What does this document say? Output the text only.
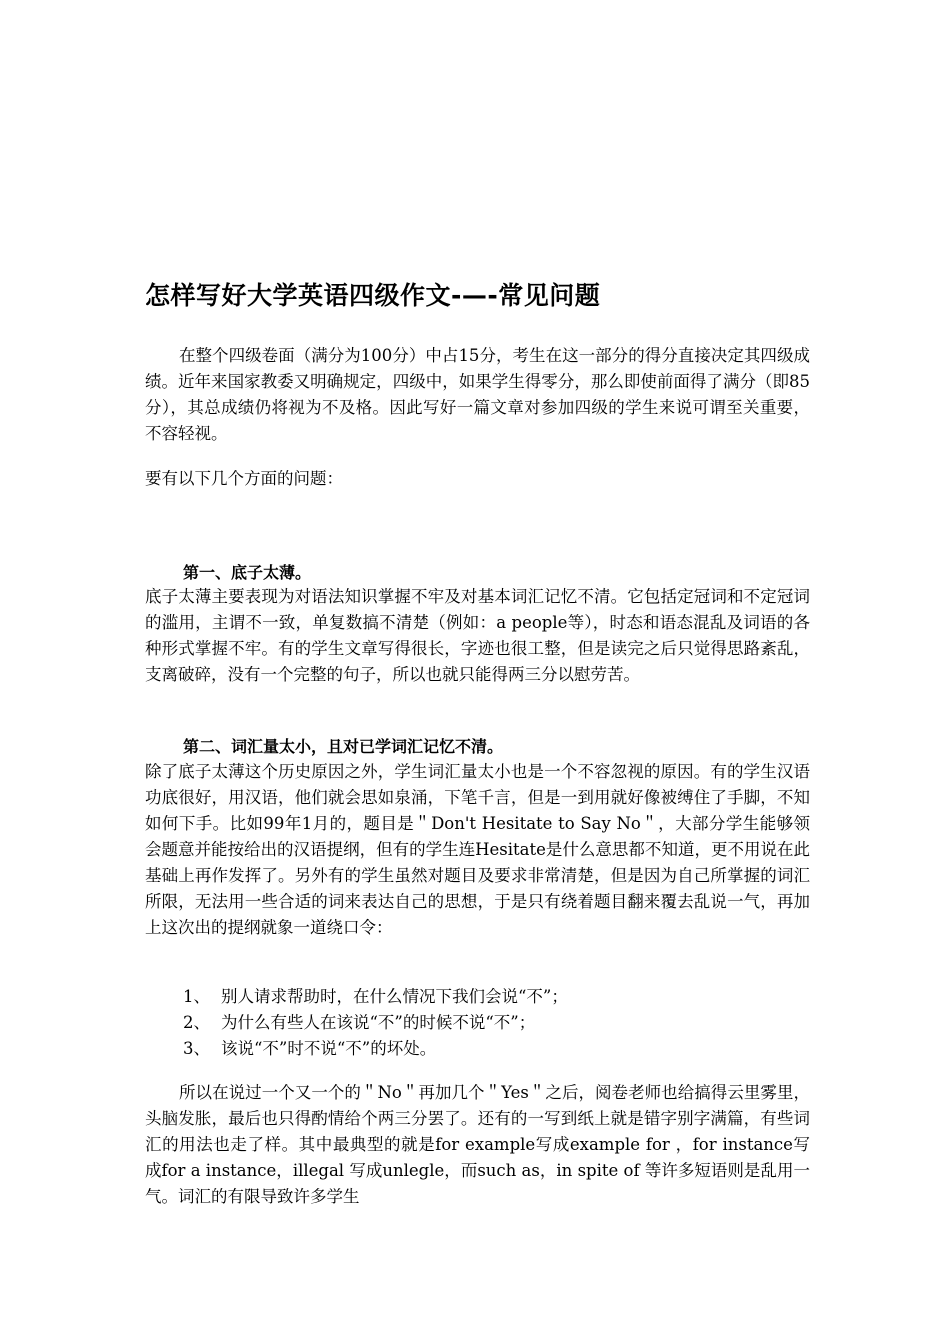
怎样写好大学英语四级作文-—-常见问题
在整个四级卷面（满分为100分）中占15分，考生在这一部分的得分直接决定其四级成绩。近年来国家教委又明确规定，四级中，如果学生得零分，那么即使前面得了满分（即85分），其总成绩仍将视为不及格。因此写好一篇文章对参加四级的学生来说可谓至关重要，不容轻视。
要有以下几个方面的问题：
第一、底子太薄。
底子太薄主要表现为对语法知识掌握不牢及对基本词汇记忆不清。它包括定冠词和不定冠词的滥用，主谓不一致，单复数搞不清楚（例如：a people等），时态和语态混乱及词语的各种形式掌握不牢。有的学生文章写得很长，字迹也很工整，但是读完之后只觉得思路紊乱，支离破碎，没有一个完整的句子，所以也就只能得两三分以慰劳苦。
第二、词汇量太小，且对已学词汇记忆不清。
除了底子太薄这个历史原因之外，学生词汇量太小也是一个不容忽视的原因。有的学生汉语功底很好，用汉语，他们就会思如泉涌，下笔千言，但是一到用就好像被缚住了手脚，不知如何下手。比如99年1月的，题目是＂Don't Hesitate to Say No＂，大部分学生能够领会题意并能按给出的汉语提纲，但有的学生连Hesitate是什么意思都不知道，更不用说在此基础上再作发挥了。另外有的学生虽然对题目及要求非常清楚，但是因为自己所掌握的词汇所限，无法用一些合适的词来表达自己的思想，于是只有绕着题目翻来覆去乱说一气，再加上这次出的提纲就象一道绕口令：
1、 别人请求帮助时，在什么情况下我们会说“不”；
2、 为什么有些人在该说“不”的时候不说“不”；
3、 该说“不”时不说“不”的坏处。
所以在说过一个又一个的＂No＂再加几个＂Yes＂之后，阅卷老师也给搞得云里雾里，头脑发胀，最后也只得酌情给个两三分罢了。还有的一写到纸上就是错字别字满篇，有些词汇的用法也走了样。其中最典型的就是for example写成example for ，for instance写成for a instance，illegal 写成unlegle，而such as，in spite of 等许多短语则是乱用一气。词汇的有限导致许多学生
